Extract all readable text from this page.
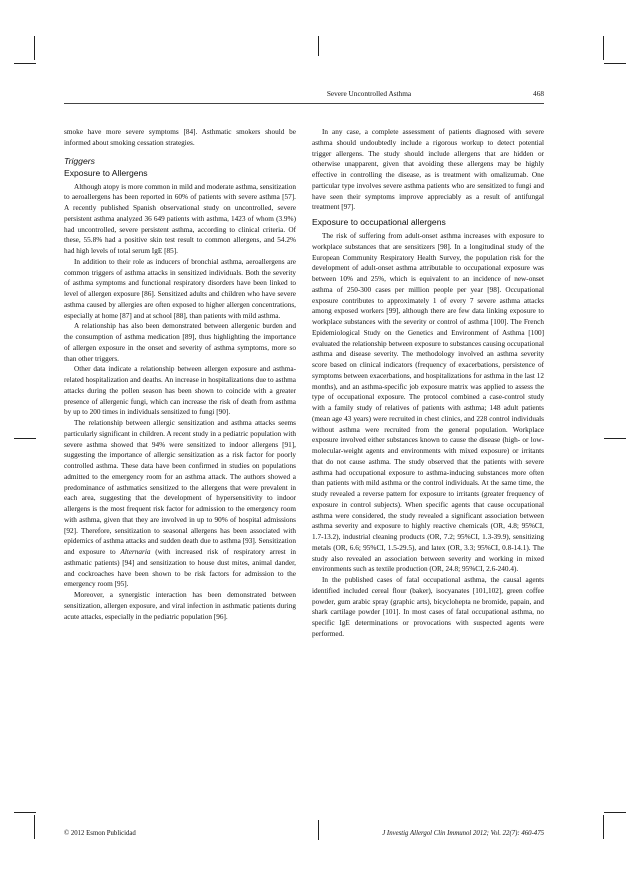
Severe Uncontrolled Asthma	468

smoke have more severe symptoms [84]. Asthmatic smokers should be informed about smoking cessation strategies.

Triggers
Exposure to Allergens

Although atopy is more common in mild and moderate asthma, sensitization to aeroallergens has been reported in 60% of patients with severe asthma [57]. A recently published Spanish observational study on uncontrolled, severe persistent asthma analyzed 36 649 patients with asthma, 1423 of whom (3.9%) had uncontrolled, severe persistent asthma, according to clinical criteria. Of these, 55.8% had a positive skin test result to common allergens, and 54.2% had high levels of total serum IgE [85].

In addition to their role as inducers of bronchial asthma, aeroallergens are common triggers of asthma attacks in sensitized individuals. Both the severity of asthma symptoms and functional respiratory disorders have been linked to level of allergen exposure [86]. Sensitized adults and children who have severe asthma caused by allergies are often exposed to higher allergen concentrations, especially at home [87] and at school [88], than patients with mild asthma.

A relationship has also been demonstrated between allergenic burden and the consumption of asthma medication [89], thus highlighting the importance of allergen exposure in the onset and severity of asthma symptoms, more so than other triggers.

Other data indicate a relationship between allergen exposure and asthma-related hospitalization and deaths. An increase in hospitalizations due to asthma attacks during the pollen season has been shown to coincide with a greater presence of allergenic fungi, which can increase the risk of death from asthma by up to 200 times in individuals sensitized to fungi [90].

The relationship between allergic sensitization and asthma attacks seems particularly significant in children. A recent study in a pediatric population with severe asthma showed that 94% were sensitized to indoor allergens [91], suggesting the importance of allergic sensitization as a risk factor for poorly controlled asthma. These data have been confirmed in studies on populations admitted to the emergency room for an asthma attack. The authors showed a predominance of asthmatics sensitized to the allergens that were prevalent in each area, suggesting that the development of hypersensitivity to indoor allergens is the most frequent risk factor for admission to the emergency room with asthma, given that they are involved in up to 90% of hospital admissions [92]. Therefore, sensitization to seasonal allergens has been associated with epidemics of asthma attacks and sudden death due to asthma [93]. Sensitization and exposure to Alternaria (with increased risk of respiratory arrest in asthmatic patients) [94] and sensitization to house dust mites, animal dander, and cockroaches have been shown to be risk factors for admission to the emergency room [95].

Moreover, a synergistic interaction has been demonstrated between sensitization, allergen exposure, and viral infection in asthmatic patients during acute attacks, especially in the pediatric population [96].

In any case, a complete assessment of patients diagnosed with severe asthma should undoubtedly include a rigorous workup to detect potential trigger allergens. The study should include allergens that are hidden or otherwise unapparent, given that avoiding these allergens may be highly effective in controlling the disease, as is treatment with omalizumab. One particular type involves severe asthma patients who are sensitized to fungi and have seen their symptoms improve appreciably as a result of antifungal treatment [97].

Exposure to occupational allergens

The risk of suffering from adult-onset asthma increases with exposure to workplace substances that are sensitizers [98]. In a longitudinal study of the European Community Respiratory Health Survey, the population risk for the development of adult-onset asthma attributable to occupational exposure was between 10% and 25%, which is equivalent to an incidence of new-onset asthma of 250-300 cases per million people per year [98]. Occupational exposure contributes to approximately 1 of every 7 severe asthma attacks among exposed workers [99], although there are few data linking exposure to workplace substances with the severity or control of asthma [100]. The French Epidemiological Study on the Genetics and Environment of Asthma [100] evaluated the relationship between exposure to substances causing occupational asthma and disease severity. The methodology involved an asthma severity score based on clinical indicators (frequency of exacerbations, persistence of symptoms between exacerbations, and hospitalizations for asthma in the last 12 months), and an asthma-specific job exposure matrix was applied to assess the type of occupational exposure. The protocol combined a case-control study with a family study of relatives of patients with asthma; 148 adult patients (mean age 43 years) were recruited in chest clinics, and 228 control individuals without asthma were recruited from the general population. Workplace exposure involved either substances known to cause the disease (high- or low-molecular-weight agents and environments with mixed exposure) or irritants that do not cause asthma. The study observed that the patients with severe asthma had occupational exposure to asthma-inducing substances more often than patients with mild asthma or the control individuals. At the same time, the study revealed a reverse pattern for exposure to irritants (greater frequency of exposure in control subjects). When specific agents that cause occupational asthma were considered, the study revealed a significant association between asthma severity and exposure to highly reactive chemicals (OR, 4.8; 95%CI, 1.7-13.2), industrial cleaning products (OR, 7.2; 95%CI, 1.3-39.9), sensitizing metals (OR, 6.6; 95%CI, 1.5-29.5), and latex (OR, 3.3; 95%CI, 0.8-14.1). The study also revealed an association between severity and working in mixed environments such as textile production (OR, 24.8; 95%CI, 2.6-240.4).

In the published cases of fatal occupational asthma, the causal agents identified included cereal flour (baker), isocyanates [101,102], green coffee powder, gum arabic spray (graphic arts), bicyclohepta ne bromide, papain, and shark cartilage powder [101]. In most cases of fatal occupational asthma, no specific IgE determinations or provocations with suspected agents were performed.

© 2012 Esmon Publicidad	J Investig Allergol Clin Immunol 2012; Vol. 22(7): 460-475
